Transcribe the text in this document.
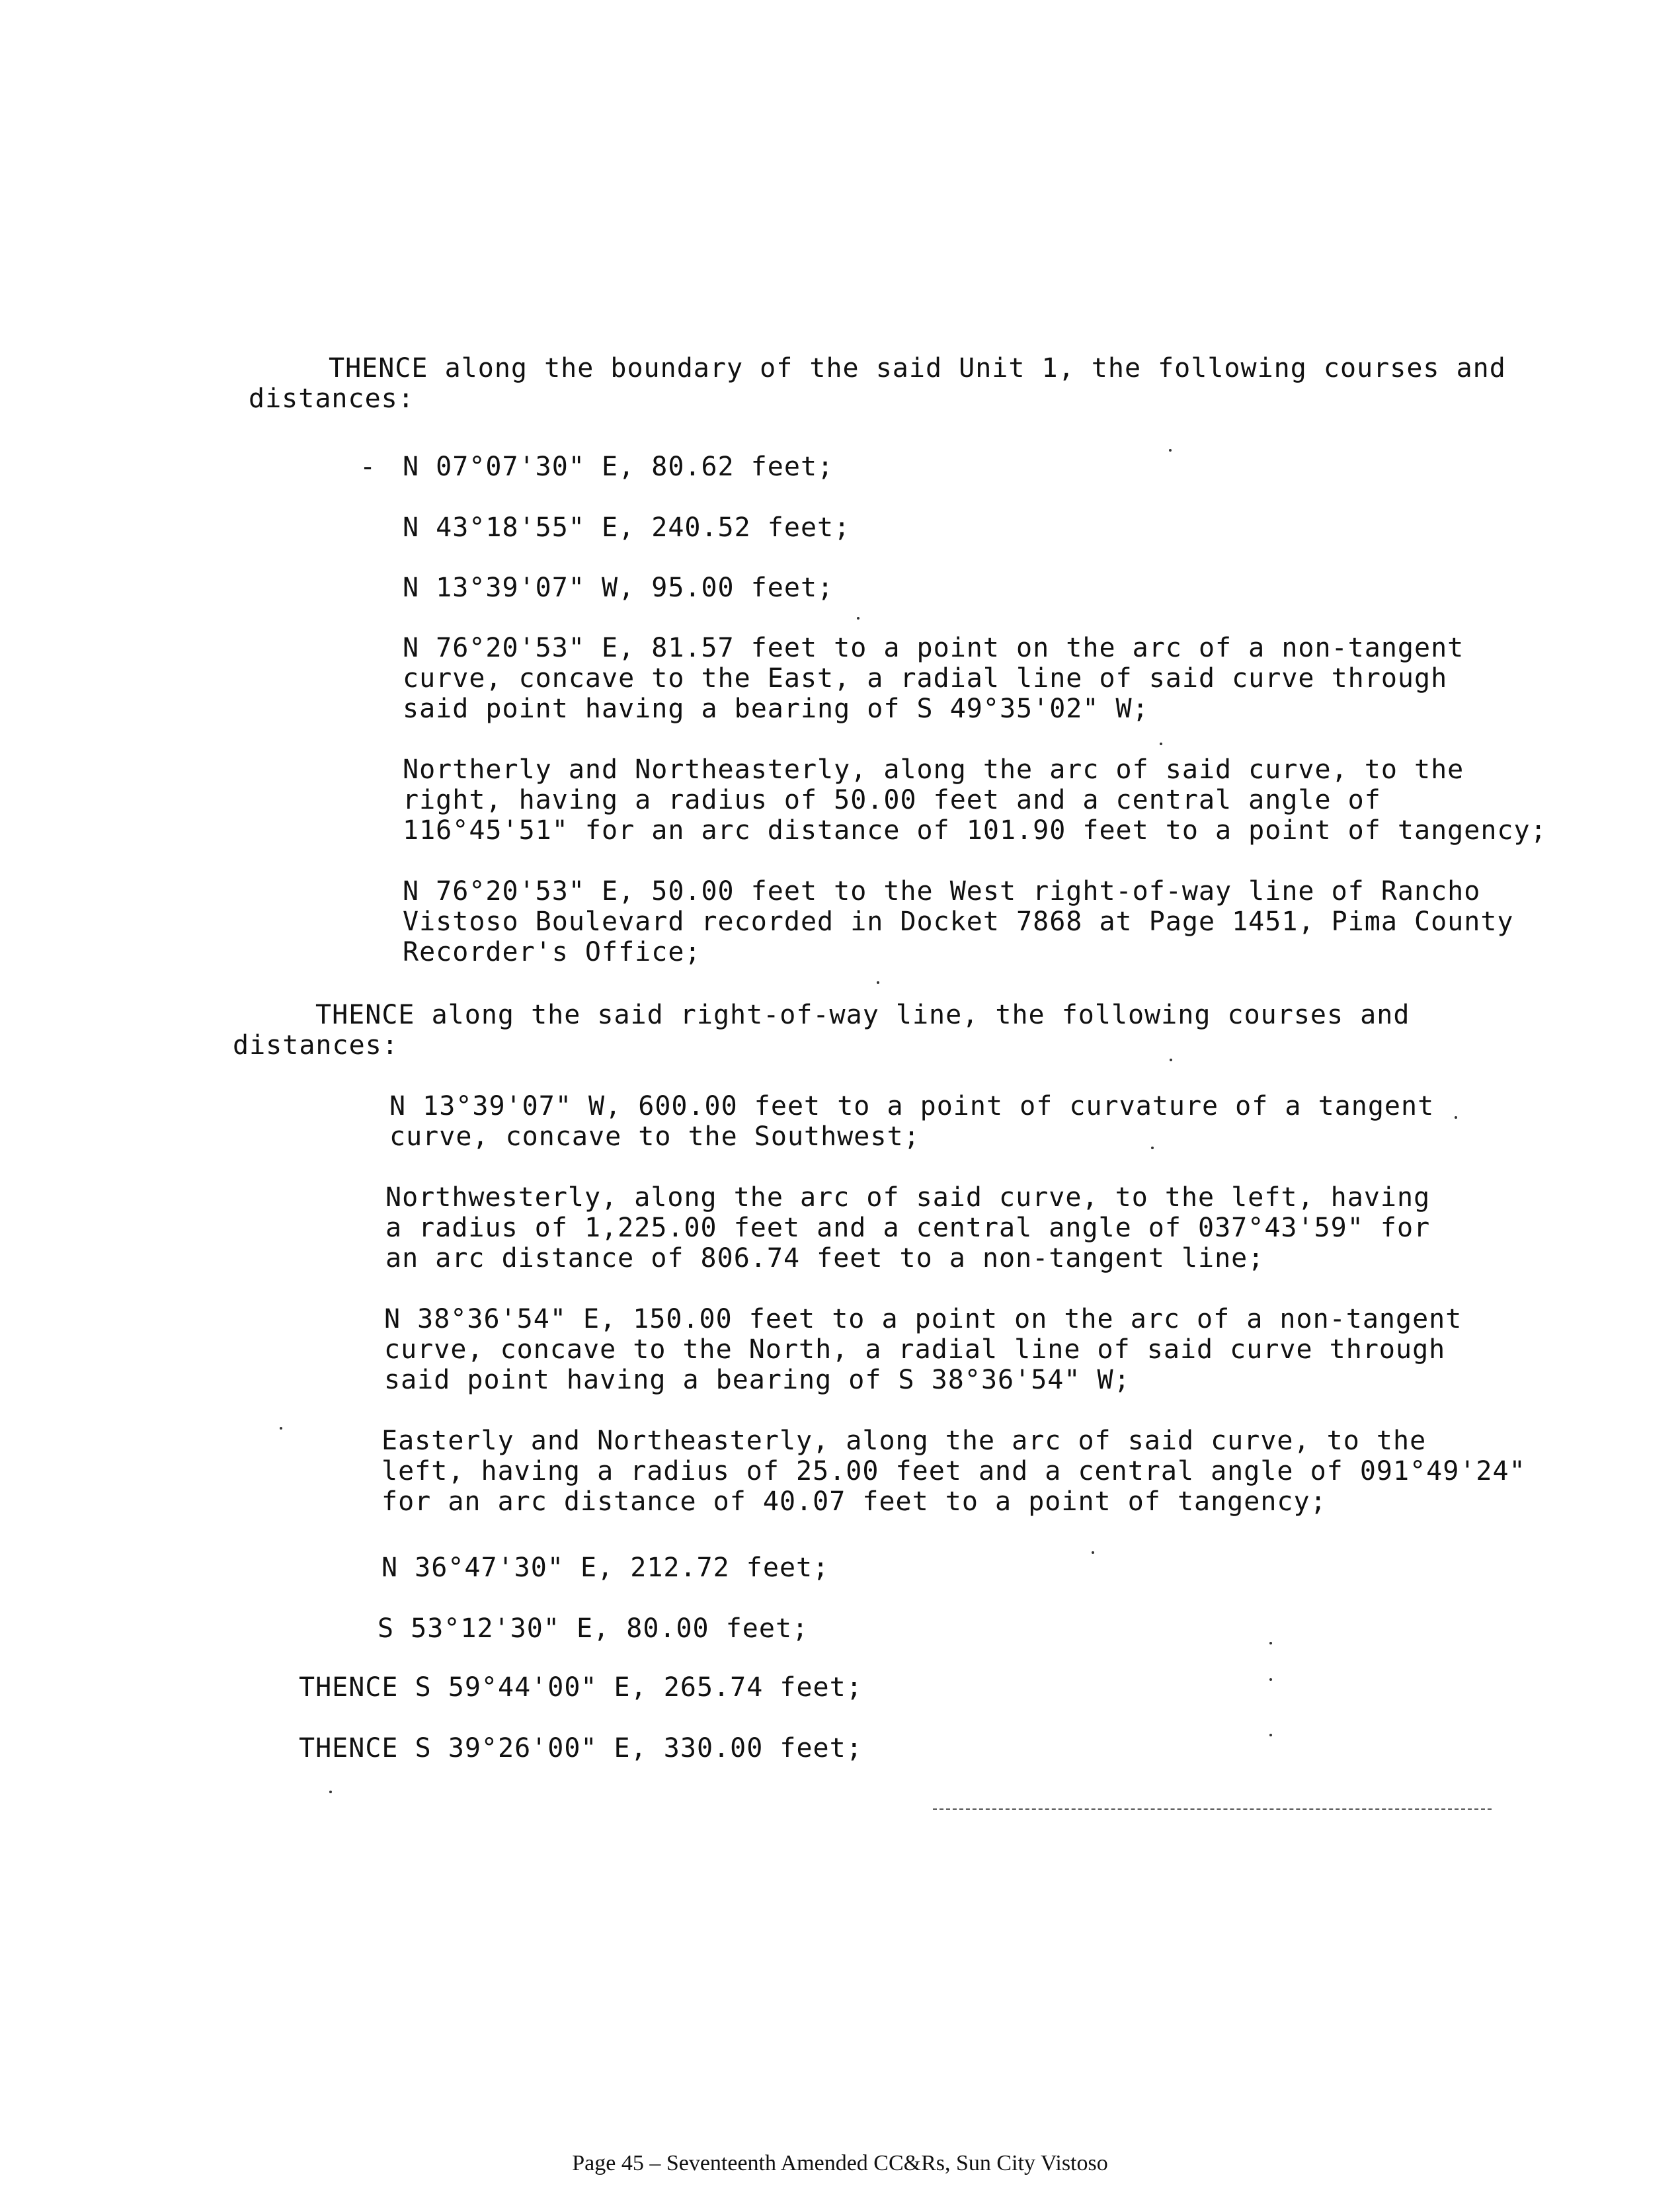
THENCE along the boundary of the said Unit 1, the following courses and
distances:
- N 07°07'30" E, 80.62 feet;
N 43°18'55" E, 240.52 feet;
N 13°39'07" W, 95.00 feet;
N 76°20'53" E, 81.57 feet to a point on the arc of a non-tangent
curve, concave to the East, a radial line of said curve through
said point having a bearing of S 49°35'02" W;
Northerly and Northeasterly, along the arc of said curve, to the
right, having a radius of 50.00 feet and a central angle of
116°45'51" for an arc distance of 101.90 feet to a point of tangency;
N 76°20'53" E, 50.00 feet to the West right-of-way line of Rancho
Vistoso Boulevard recorded in Docket 7868 at Page 1451, Pima County
Recorder's Office;
THENCE along the said right-of-way line, the following courses and
distances:
N 13°39'07" W, 600.00 feet to a point of curvature of a tangent
curve, concave to the Southwest;
Northwesterly, along the arc of said curve, to the left, having
a radius of 1,225.00 feet and a central angle of 037°43'59" for
an arc distance of 806.74 feet to a non-tangent line;
N 38°36'54" E, 150.00 feet to a point on the arc of a non-tangent
curve, concave to the North, a radial line of said curve through
said point having a bearing of S 38°36'54" W;
Easterly and Northeasterly, along the arc of said curve, to the
left, having a radius of 25.00 feet and a central angle of 091°49'24"
for an arc distance of 40.07 feet to a point of tangency;
N 36°47'30" E, 212.72 feet;
S 53°12'30" E, 80.00 feet;
THENCE S 59°44'00" E, 265.74 feet;
THENCE S 39°26'00" E, 330.00 feet;
Page 45 – Seventeenth Amended CC&Rs, Sun City Vistoso
